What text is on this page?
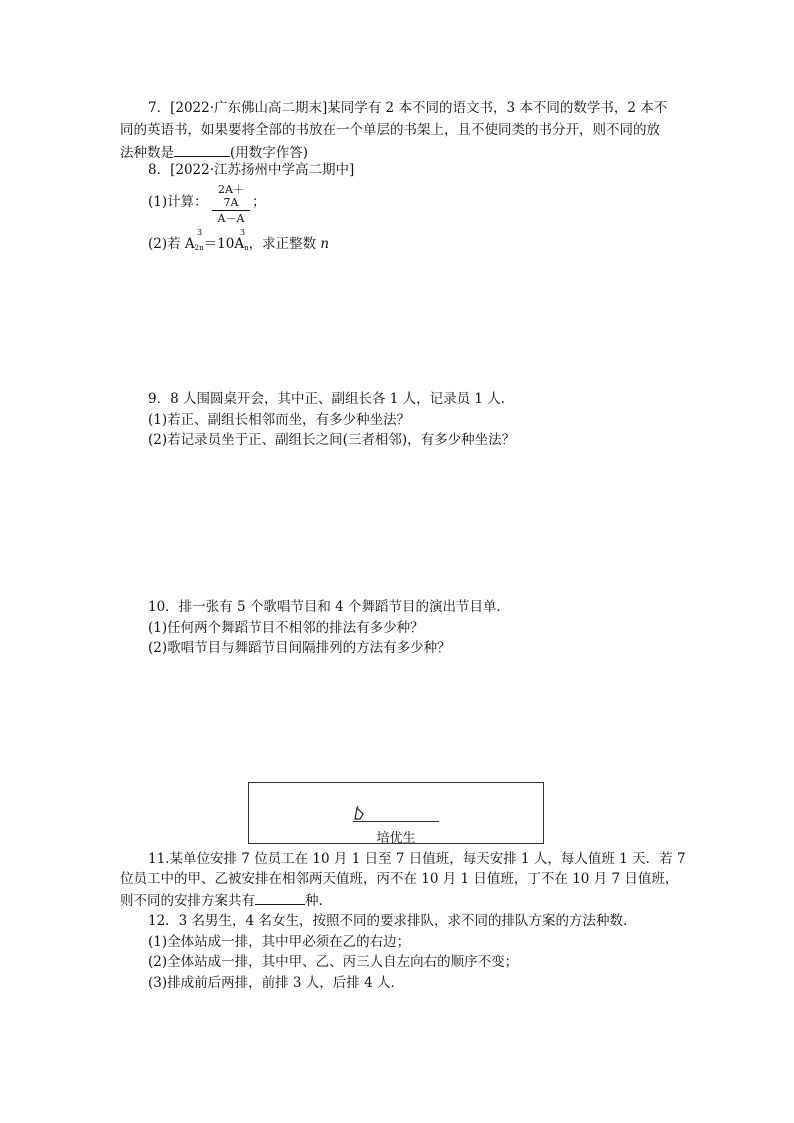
7．[2022·广东佛山高二期末]某同学有 2 本不同的语文书，3 本不同的数学书，2 本不
同的英语书，如果要将全部的书放在一个单层的书架上，且不使同类的书分开，则不同的放
法种数是	(用数字作答)
8．[2022·江苏扬州中学高二期中]
(1)计算：
2A＋7A
A－A
；
3	3
(2)若 $A_{2n}=10A_n$，求正整数 n
9．8 人围圆桌开会，其中正、副组长各 1 人，记录员 1 人．
(1)若正、副组长相邻而坐，有多少种坐法？
(2)若记录员坐于正、副组长之间(三者相邻)，有多少种坐法？
10．排一张有 5 个歌唱节目和 4 个舞蹈节目的演出节目单．
(1)任何两个舞蹈节目不相邻的排法有多少种？
(2)歌唱节目与舞蹈节目间隔排列的方法有多少种？
培优生
11.某单位安排 7 位员工在 10 月 1 日至 7 日值班，每天安排 1 人，每人值班 1 天．若 7
位员工中的甲、乙被安排在相邻两天值班，丙不在 10 月 1 日值班，丁不在 10 月 7 日值班，
则不同的安排方案共有	种.
12．3 名男生，4 名女生，按照不同的要求排队，求不同的排队方案的方法种数．
(1)全体站成一排，其中甲必须在乙的右边；
(2)全体站成一排，其中甲、乙、丙三人自左向右的顺序不变；
(3)排成前后两排，前排 3 人，后排 4 人．
